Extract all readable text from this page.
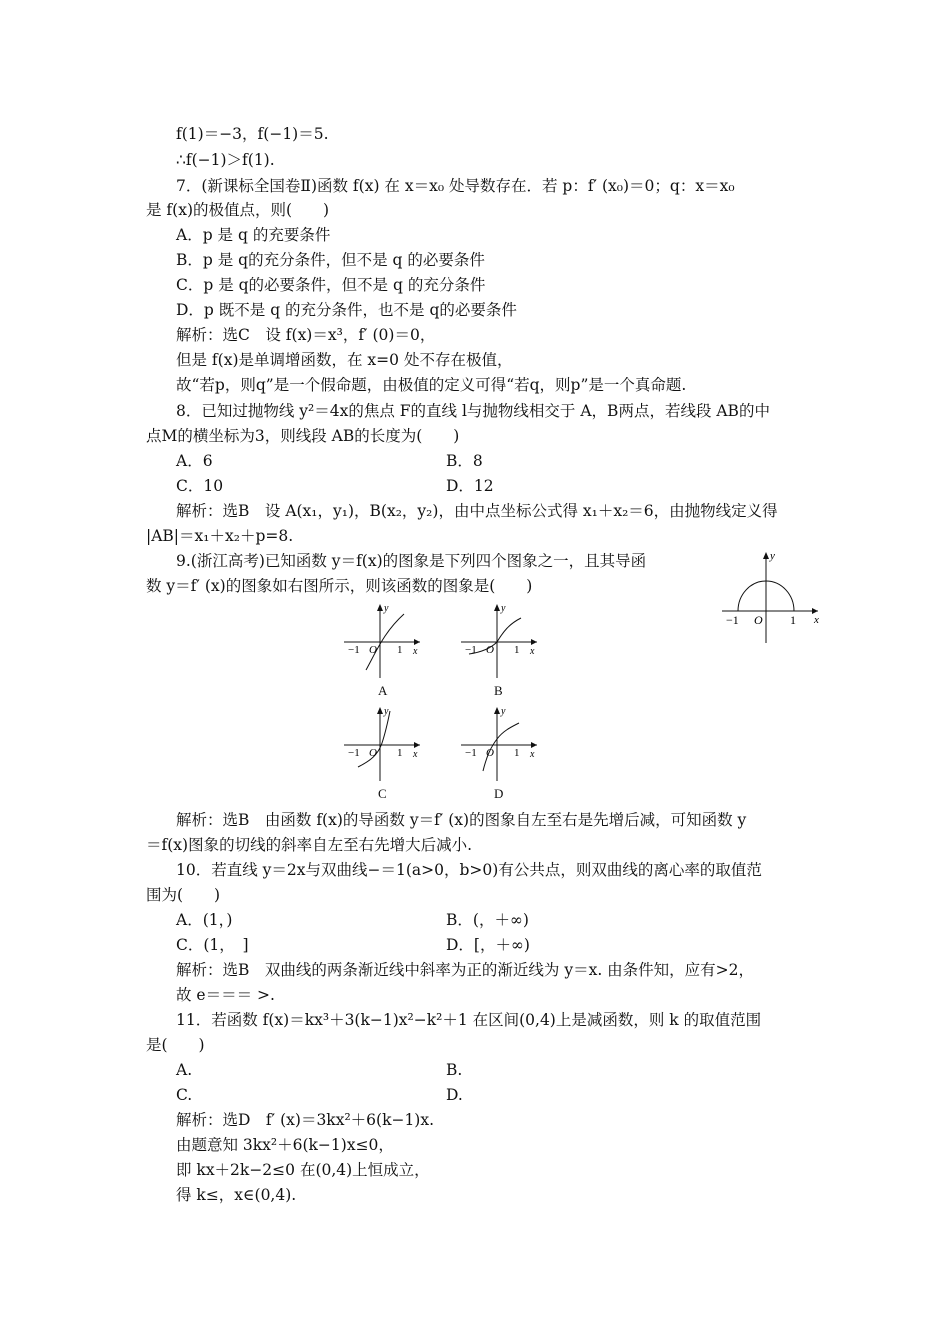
f(1)＝−3，f(−1)＝5.
∴f(−1)＞f(1).
7．(新课标全国卷Ⅱ)函数 f(x) 在 x＝x₀ 处导数存在．若 p：f′ (x₀)＝0；q：x＝x₀
是 f(x)的极值点，则(　　)
A．p 是 q 的充要条件
B．p 是 q的充分条件，但不是 q 的必要条件
C．p 是 q的必要条件，但不是 q 的充分条件
D．p 既不是 q 的充分条件，也不是 q的必要条件
解析：选C　设 f(x)＝x³，f′ (0)＝0，
但是 f(x)是单调增函数，在 x=0 处不存在极值，
故“若p，则q”是一个假命题，由极值的定义可得“若q，则p”是一个真命题.
8．已知过抛物线 y²＝4x的焦点 F的直线 l与抛物线相交于 A，B两点，若线段 AB的中
点M的横坐标为3，则线段 AB的长度为(　　)
A．6	B．8
C．10	D．12
解析：选B　设 A(x₁，y₁)，B(x₂，y₂)，由中点坐标公式得 x₁＋x₂＝6，由抛物线定义得
|AB|＝x₁＋x₂＋p=8.
9.(浙江高考)已知函数 y＝f(x)的图象是下列四个图象之一，且其导函
数 y＝f′ (x)的图象如右图所示，则该函数的图象是(　　)
解析：选B　由函数 f(x)的导函数 y＝f′ (x)的图象自左至右是先增后减，可知函数 y
＝f(x)图象的切线的斜率自左至右先增大后减小.
10．若直线 y＝2x与双曲线−＝1(a>0，b>0)有公共点，则双曲线的离心率的取值范
围为(　　)
A．(1，)	B．(，＋∞)
C．(1，　]	D．[，＋∞)
解析：选B　双曲线的两条渐近线中斜率为正的渐近线为 y＝x. 由条件知，应有>2，
故 e＝＝＝ >.
11．若函数 f(x)＝kx³＋3(k−1)x²−k²＋1 在区间(0,4)上是减函数，则 k 的取值范围
是(　　)
A.	B.
C.	D.
解析：选D　f′ (x)＝3kx²＋6(k−1)x.
由题意知 3kx²＋6(k−1)x≤0，
即 kx＋2k−2≤0 在(0,4)上恒成立，
得 k≤，x∈(0,4).
y
x
−1 O 1
y
x
−1 O 1
A
y
x
−1 O 1
B
y
x
−1 O 1
C
y
x
−1 O 1
D
